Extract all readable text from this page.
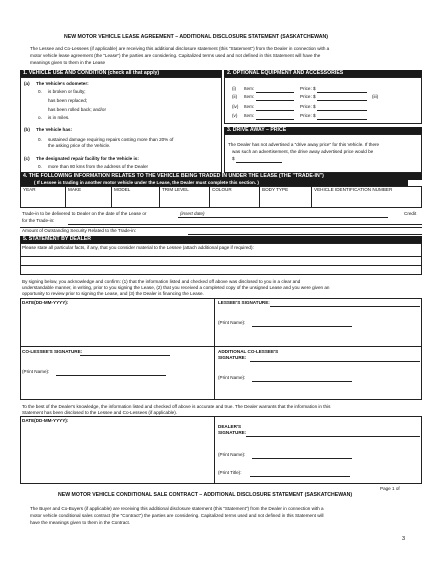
NEW MOTOR VEHICLE LEASE AGREEMENT – ADDITIONAL DISCLOSURE STATEMENT (SASKATCHEWAN)
The Lessee and Co-Lessees (if applicable) are receiving this additional disclosure statement (this "Statement") from the Dealer in connection with a
motor vehicle lease agreement (the "Lease") the parties are considering. Capitalized terms used and not defined in this Statement will have the
meanings given to them in the Lease
1. VEHICLE USE AND CONDITION (check all that apply)
(a) The Vehicle's odometer:
0. is broken or faulty;
has been replaced;
has been rolled back; and/or
o. is in miles.
(b) The Vehicle has:
0. sustained damage requiring repairs costing more than 20% of
the asking price of the Vehicle.
(c) The designated repair facility for the Vehicle is:
0. more than 80 kms from the address of the Dealer
2. OPTIONAL EQUIPMENT AND ACCESSORIES
(i) Item:	Price: $
(ii) Item:	Price: $	(iii)
(iv) Item:	Price: $
(v) Item:	Price: $
3. DRIVE AWAY – PRICE
The Dealer has not advertised a "drive away price" for this Vehicle. If there
was such an advertisement, the drive away advertised price would be
$
4. THE FOLLOWING INFORMATION RELATES TO THE VEHICLE BEING TRADED IN UNDER THE LEASE (THE "TRADE-IN")
( If Lessee is trading in another motor vehicle under the Lease, the Dealer must complete this section. )
YEAR	MAKE	MODEL	TRIM LEVEL	COLOUR	BODY TYPE	VEHICLE IDENTIFICATION NUMBER
Trade-in to be delivered to Dealer on the date of the Lease or	(insert date)	Credit
for the Trade-in:
Amount of Outstanding Security Related to the Trade-in:
5. STATEMENT BY DEALER
Please state all particular facts, if any, that you consider material to the Lessee (attach additional page if required):
By signing below, you acknowledge and confirm: (1) that the information listed and checked off above was disclosed to you in a clear and
understandable manner, in writing, prior to you signing the Lease, (2) that you received a completed copy of the unsigned Lease and you were given an
opportunity to review prior to signing the Lease, and (3) the Dealer is financing the Lease.
DATE(DD-MM-YYYY):	LESSEE'S SIGNATURE:
(Print Name):
CO-LESSEE'S SIGNATURE:
(Print Name):
ADDITIONAL CO-LESSEE'S
SIGNATURE:
(Print Name):
To the best of the Dealer's knowledge, the information listed and checked off above is accurate and true. The Dealer warrants that the information in this
Statement has been disclosed to the Lessee and Co-Lessees (if applicable).
DATE(DD-MM-YYYY):
DEALER'S
SIGNATURE:
(Print Name):
(Print Title):
Page 1 of
NEW MOTOR VEHICLE CONDITIONAL SALE CONTRACT – ADDITIONAL DISCLOSURE STATEMENT (SASKATCHEWAN)
The Buyer and Co-Buyers (if applicable) are receiving this additional disclosure statement (this "Statement") from the Dealer in connection with a
motor vehicle conditional sales contract (the "Contract") the parties are considering. Capitalized terms used and not defined in this Statement will
have the meanings given to them in the Contract.
3
